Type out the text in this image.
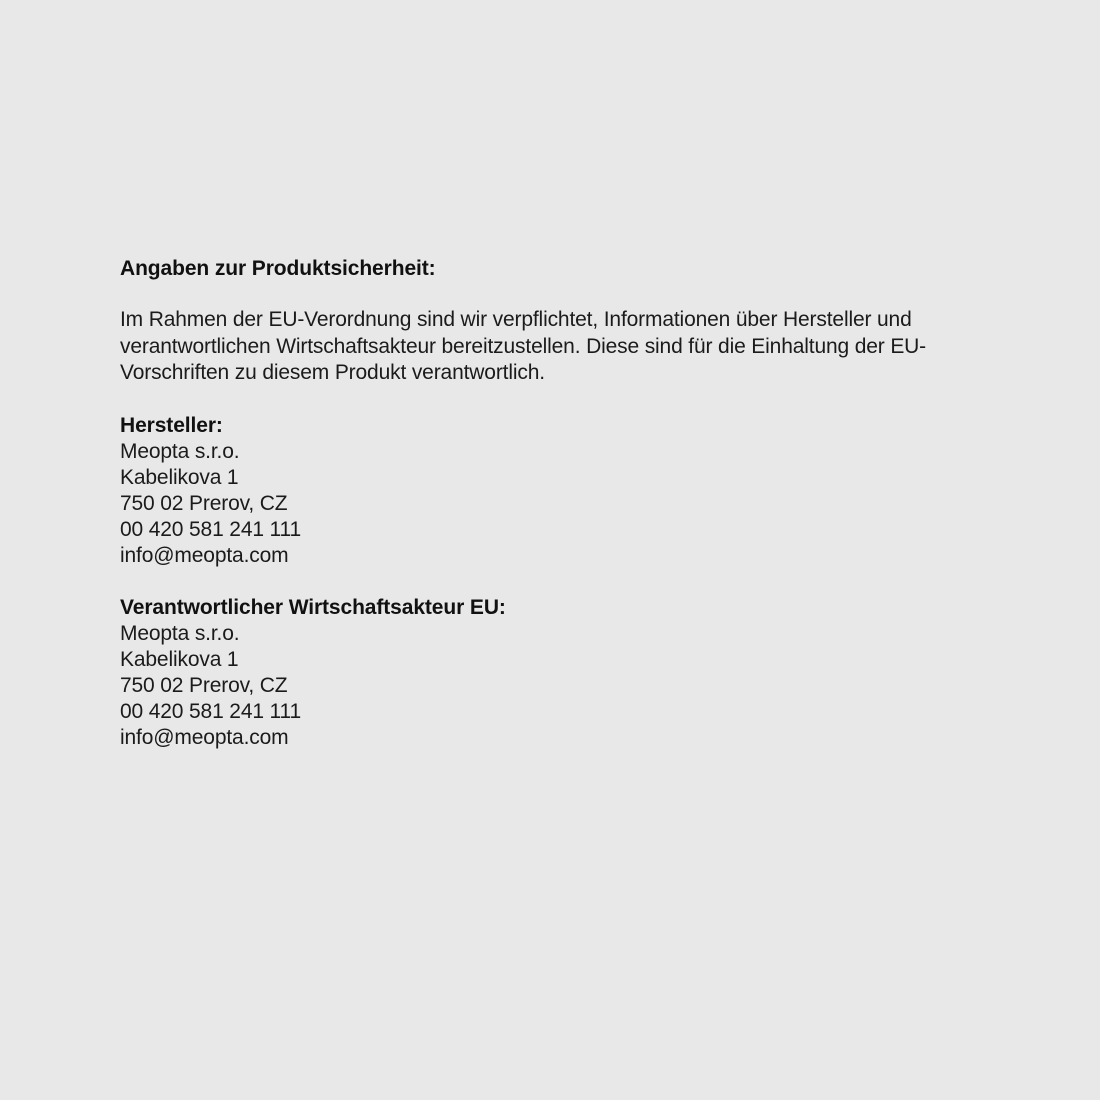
Angaben zur Produktsicherheit:

Im Rahmen der EU-Verordnung sind wir verpflichtet, Informationen über Hersteller und verantwortlichen Wirtschaftsakteur bereitzustellen. Diese sind für die Einhaltung der EU-Vorschriften zu diesem Produkt verantwortlich.

Hersteller:

Meopta s.r.o.

Kabelikova 1

750 02 Prerov, CZ

00 420 581 241 111

info@meopta.com

Verantwortlicher Wirtschaftsakteur EU:

Meopta s.r.o.

Kabelikova 1

750 02 Prerov, CZ

00 420 581 241 111

info@meopta.com
